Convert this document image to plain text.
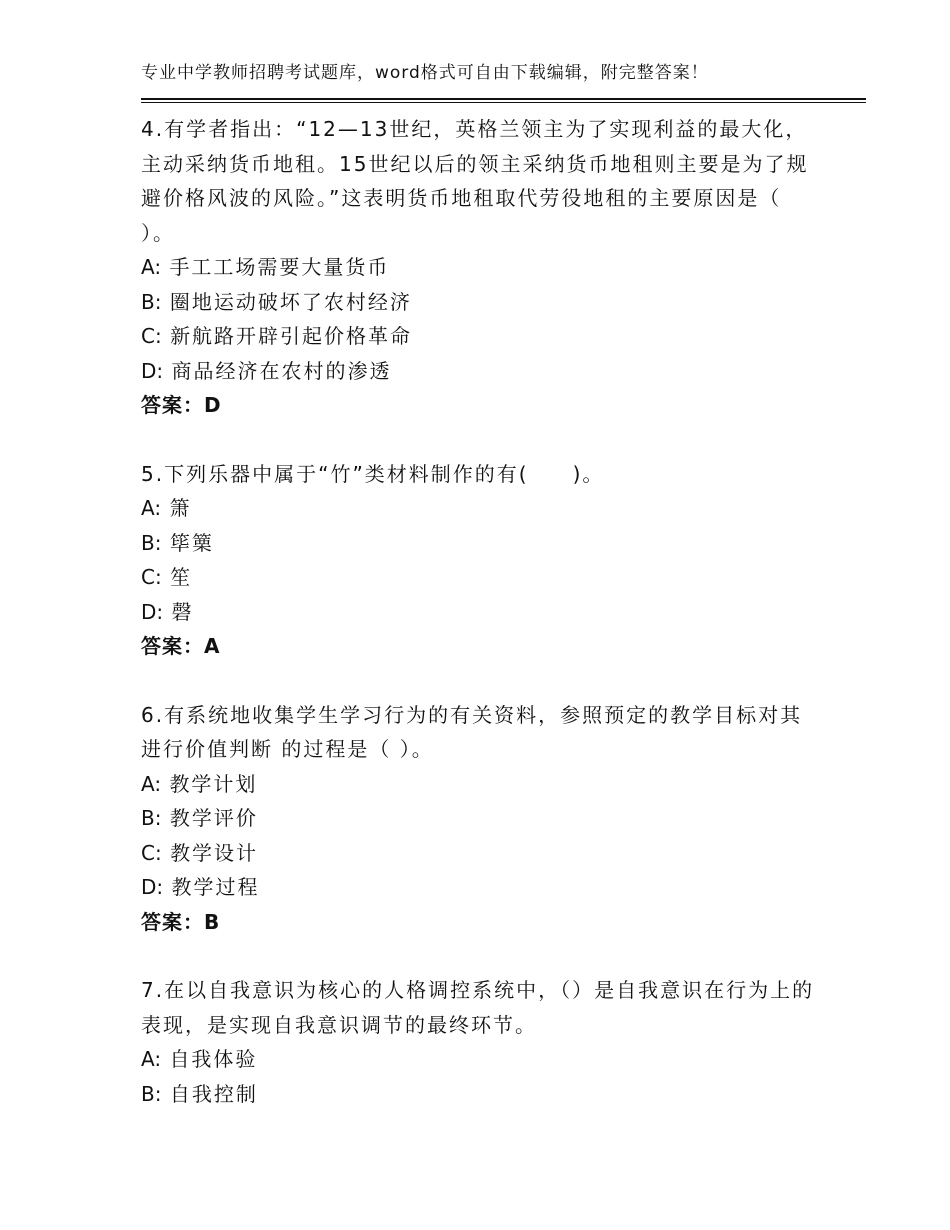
专业中学教师招聘考试题库，word格式可自由下载编辑，附完整答案！
4.有学者指出：“12—13世纪，英格兰领主为了实现利益的最大化，主动采纳货币地租。15世纪以后的领主采纳货币地租则主要是为了规避价格风波的风险。”这表明货币地租取代劳役地租的主要原因是（ ）。
A: 手工工场需要大量货币
B: 圈地运动破坏了农村经济
C: 新航路开辟引起价格革命
D: 商品经济在农村的渗透
答案：D
5.下列乐器中属于“竹”类材料制作的有(　　)。
A: 箫
B: 筚篥
C: 笙
D: 磬
答案：A
6.有系统地收集学生学习行为的有关资料，参照预定的教学目标对其进行价值判断 的过程是（ ）。
A: 教学计划
B: 教学评价
C: 教学设计
D: 教学过程
答案：B
7.在以自我意识为核心的人格调控系统中，（）是自我意识在行为上的表现，是实现自我意识调节的最终环节。
A: 自我体验
B: 自我控制
